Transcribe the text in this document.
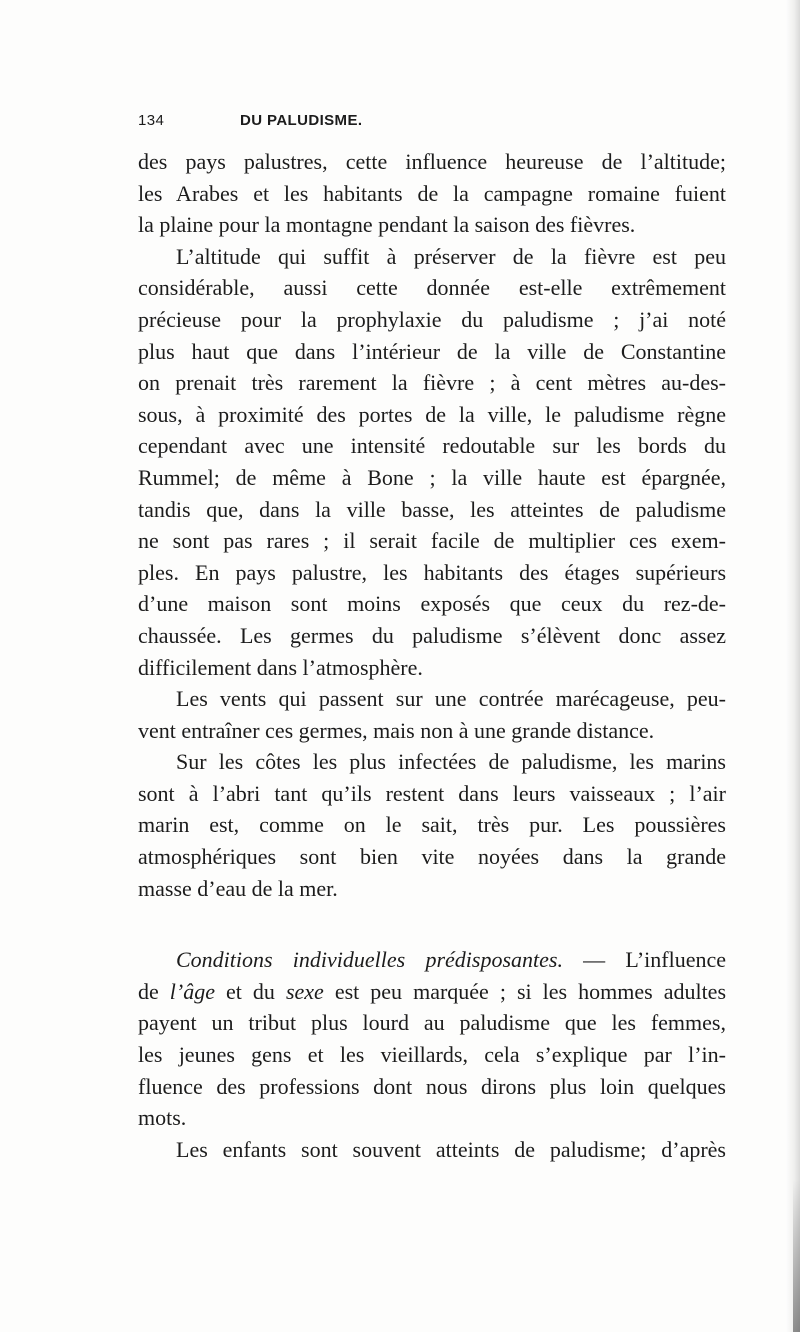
134	DU PALUDISME.
des pays palustres, cette influence heureuse de l’altitude;
les Arabes et les habitants de la campagne romaine fuient
la plaine pour la montagne pendant la saison des fièvres.
L’altitude qui suffit à préserver de la fièvre est peu
considérable, aussi cette donnée est-elle extrêmement
précieuse pour la prophylaxie du paludisme ; j’ai noté
plus haut que dans l’intérieur de la ville de Constantine
on prenait très rarement la fièvre ; à cent mètres au-des-
sous, à proximité des portes de la ville, le paludisme règne
cependant avec une intensité redoutable sur les bords du
Rummel; de même à Bone ; la ville haute est épargnée,
tandis que, dans la ville basse, les atteintes de paludisme
ne sont pas rares ; il serait facile de multiplier ces exem-
ples. En pays palustre, les habitants des étages supérieurs
d’une maison sont moins exposés que ceux du rez-de-
chaussée. Les germes du paludisme s’élèvent donc assez
difficilement dans l’atmosphère.
Les vents qui passent sur une contrée marécageuse, peu-
vent entraîner ces germes, mais non à une grande distance.
Sur les côtes les plus infectées de paludisme, les marins
sont à l’abri tant qu’ils restent dans leurs vaisseaux ; l’air
marin est, comme on le sait, très pur. Les poussières
atmosphériques sont bien vite noyées dans la grande
masse d’eau de la mer.
Conditions individuelles prédisposantes. — L’influence
de l’âge et du sexe est peu marquée ; si les hommes adultes
payent un tribut plus lourd au paludisme que les femmes,
les jeunes gens et les vieillards, cela s’explique par l’in-
fluence des professions dont nous dirons plus loin quelques
mots.
Les enfants sont souvent atteints de paludisme; d’après
